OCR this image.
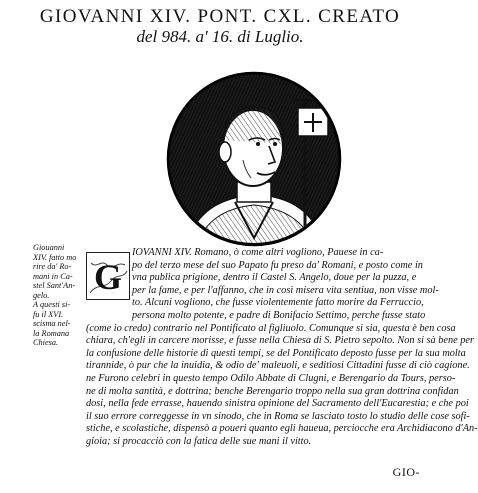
GIOVANNI XIV. PONT. CXL. CREATO
del 984. a' 16. di Luglio.
Giouanni
XIV. fatto mo
rire da' Ro-
mani in Ca-
stel Sant'An-
gelo.
A questi si-
fu il XVI.
scisma nel-
la Romana
Chiesa.
G
IOVANNI XIV. Romano, ò come altri vogliono, Pauese in ca-
po del terzo mese del suo Papato fu preso da' Romani, e posto come in
vna publica prigione, dentro il Castel S. Angelo, doue per la puzza, e
per la fame, e per l'affanno, che in così misera vita sentiua, non visse mol-
to. Alcuni vogliono, che fusse violentemente fatto morire da Ferruccio,
persona molto potente, e padre di Bonifacio Settimo, perche fusse stato
(come io credo) contrario nel Pontificato al figliuolo. Comunque si sia, questa è ben cosa
chiara, ch'egli in carcere morisse, e fusse nella Chiesa di S. Pietro sepolto. Non si sà bene per
la confusione delle historie di questi tempi, se del Pontificato deposto fusse per la sua molta
tirannide, ò pur che la inuidia, & odio de' maleuoli, e seditiosi Cittadini fusse di ciò cagione.
ne Furono celebri in questo tempo Odilo Abbate di Clugni, e Berengario da Tours, perso-
ne di molta santità, e dottrina; benche Berengario troppo nella sua gran dottrina confidan
dosi, nella fede errasse, hauendo sinistra opinione del Sacramento dell'Eucarestia; e che poi
il suo errore correggesse in vn sinodo, che in Roma se lasciato tosto lo studio delle cose sofi-
stiche, e scolastiche, dispensò a poueri quanto egli haueua, perciocche era Archidiacono d'An-
gioia; si procacciò con la fatica delle sue mani il vitto.
GIO-
